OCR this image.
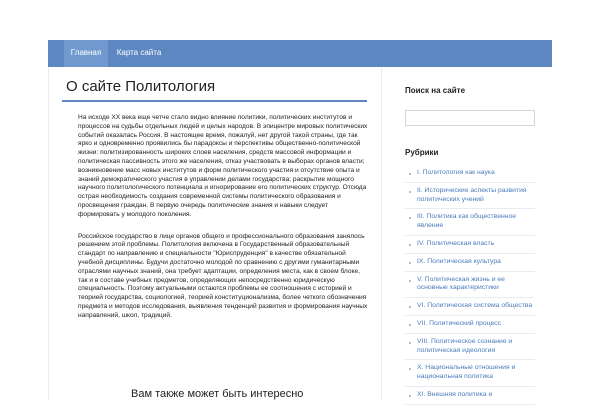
Главная	Карта сайта
О сайте Политология

На исходе XX века еще четче стало видно влияние политики, политических институтов и процессов на судьбы отдельных людей и целых народов. В эпицентре мировых политических событий оказалась Россия. В настоящее время, пожалуй, нет другой такой страны, где так ярко и одновременно проявились бы парадоксы и перспективы общественно-политической жизни: политизированность широких слоев населения, средств массовой информации и политическая пассивность этого же населения, отказ участвовать в выборах органов власти; возникновение масс новых институтов и форм политического участия и отсутствие опыта и знаний демократического участия в управлении делами государства; раскрытие мощного научного политологического потенциала и игнорирование его политических структур. Отсюда острая необходимость создания современной системы политического образования и просвещения граждан. В первую очередь политические знания и навыки следует формировать у молодого поколения.

Российское государство в лице органов общего и профессионального образования занялось решением этой проблемы. Политология включена в Государственный образовательный стандарт по направлению и специальности "Юриспруденция" в качестве обязательной учебной дисциплины. Будучи достаточно молодой по сравнению с другими гуманитарными отраслями научных знаний, она требует адаптации, определения места, как в своем блоке, так и в составе учебных предметов, определяющих непосредственно юридическую специальность. Поэтому актуальными остаются проблемы ее соотношения с историей и теорией государства, социологией, теорией конституционализма, более четкого обозначения предмета и методов исследования, выявления тенденций развития и формирования научных направлений, школ, традиций.

Вам также может быть интересно
Поиск на сайте
Рубрики
I. Политология как наука
II. Исторические аспекты развития политических учений
III. Политика как общественное явление
IV. Политическая власть
IX. Политическая культура
V. Политическая жизнь и ее основные характеристики
VI. Политическая система общества
VII. Политический процесс
VIII. Политическое сознание и политическая идеология
X. Национальные отношения и национальная политика
XI. Внешняя политика и
